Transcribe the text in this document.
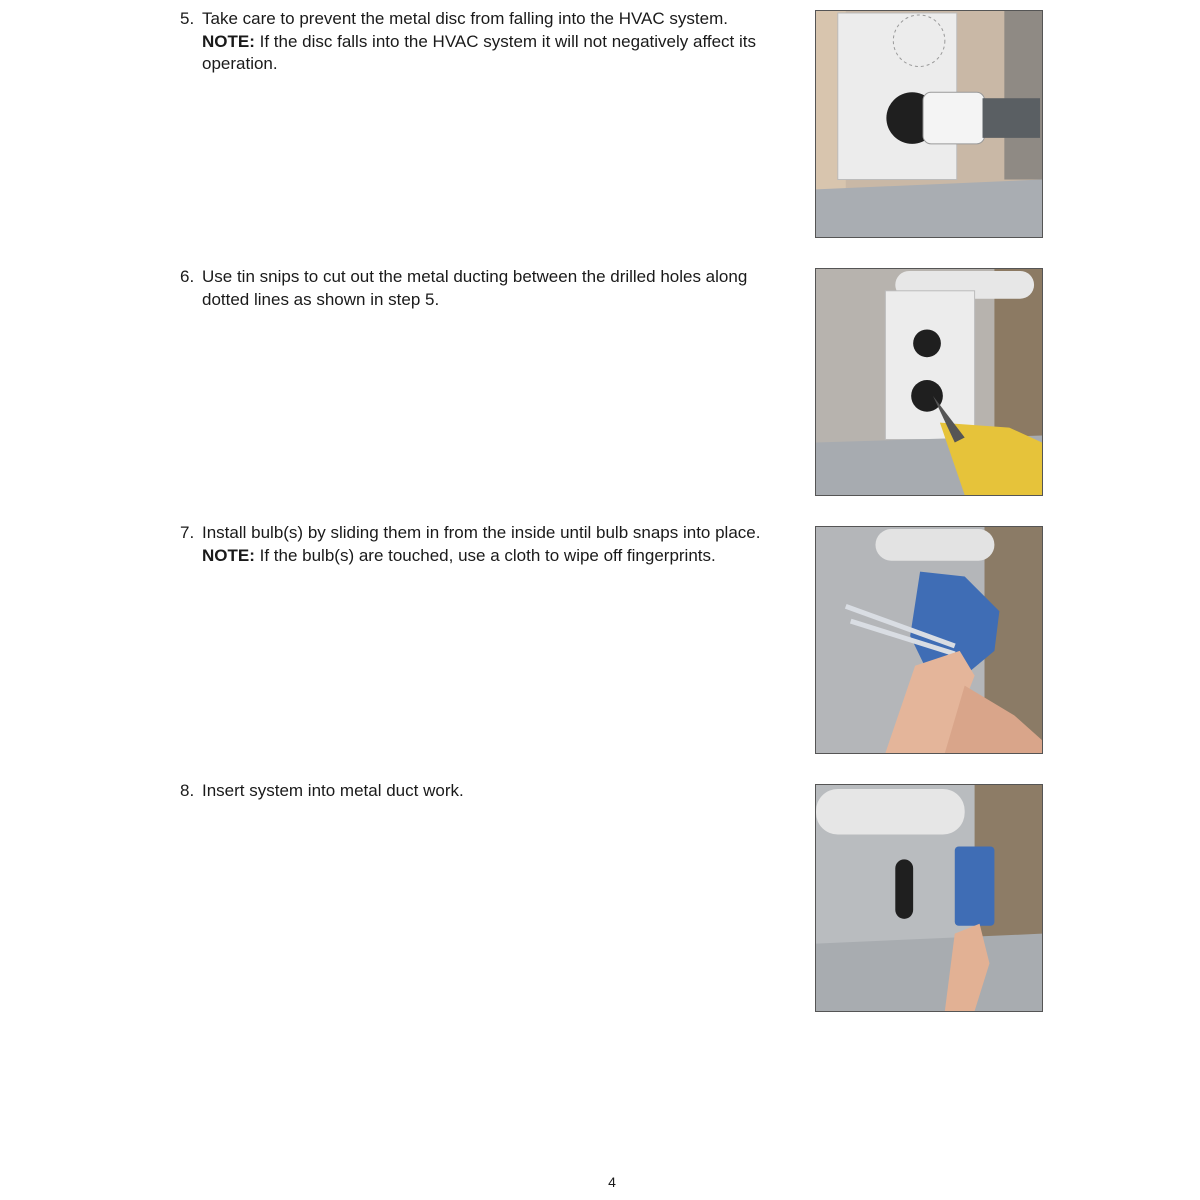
5. Take care to prevent the metal disc from falling into the HVAC system.
NOTE: If the disc falls into the HVAC system it will not negatively affect its operation.
6. Use tin snips to cut out the metal ducting between the drilled holes along dotted lines as shown in step 5.
7. Install bulb(s) by sliding them in from the inside until bulb snaps into place. NOTE: If the bulb(s) are touched, use a cloth to wipe off fingerprints.
8. Insert system into metal duct work.
4
